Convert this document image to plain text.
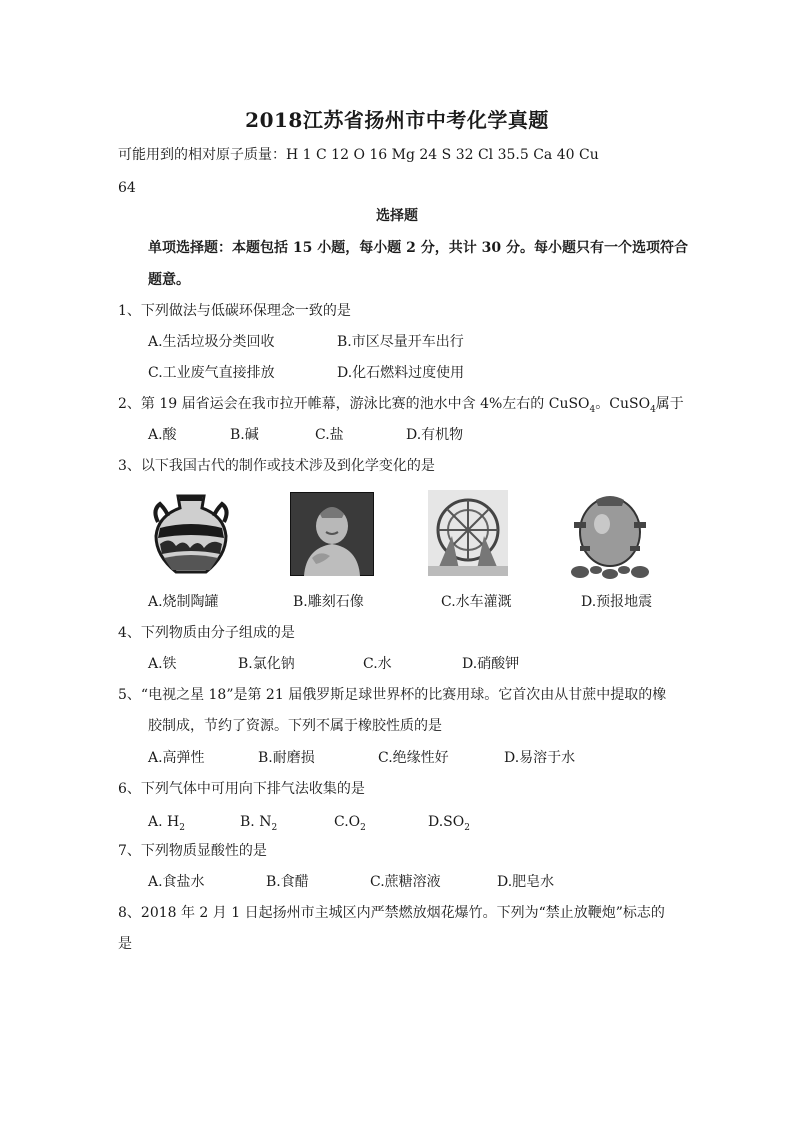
2018江苏省扬州市中考化学真题
可能用到的相对原子质量：H 1 C 12 O 16 Mg 24 S 32 Cl 35.5 Ca 40 Cu
64
选择题
单项选择题：本题包括 15 小题，每小题 2 分，共计 30 分。每小题只有一个选项符合
题意。
1、下列做法与低碳环保理念一致的是
A.生活垃圾分类回收	B.市区尽量开车出行
C.工业废气直接排放	D.化石燃料过度使用
2、第 19 届省运会在我市拉开帷幕，游泳比赛的池水中含 4%左右的 CuSO$_4$。CuSO$_4$属于
A.酸	B.碱	C.盐	D.有机物
3、以下我国古代的制作或技术涉及到化学变化的是
A.烧制陶罐	B.雕刻石像	C.水车灌溉	D.预报地震
4、下列物质由分子组成的是
A.铁	B.氯化钠	C.水	D.硝酸钾
5、“电视之星 18”是第 21 届俄罗斯足球世界杯的比赛用球。它首次由从甘蔗中提取的橡
胶制成，节约了资源。下列不属于橡胶性质的是
A.高弹性	B.耐磨损	C.绝缘性好	D.易溶于水
6、下列气体中可用向下排气法收集的是
A. $H_2$	B. $N_2$	$C.O_2$	$D.SO_2$
7、下列物质显酸性的是
A.食盐水	B.食醋	C.蔗糖溶液	D.肥皂水
8、2018 年 2 月 1 日起扬州市主城区内严禁燃放烟花爆竹。下列为“禁止放鞭炮”标志的
是
